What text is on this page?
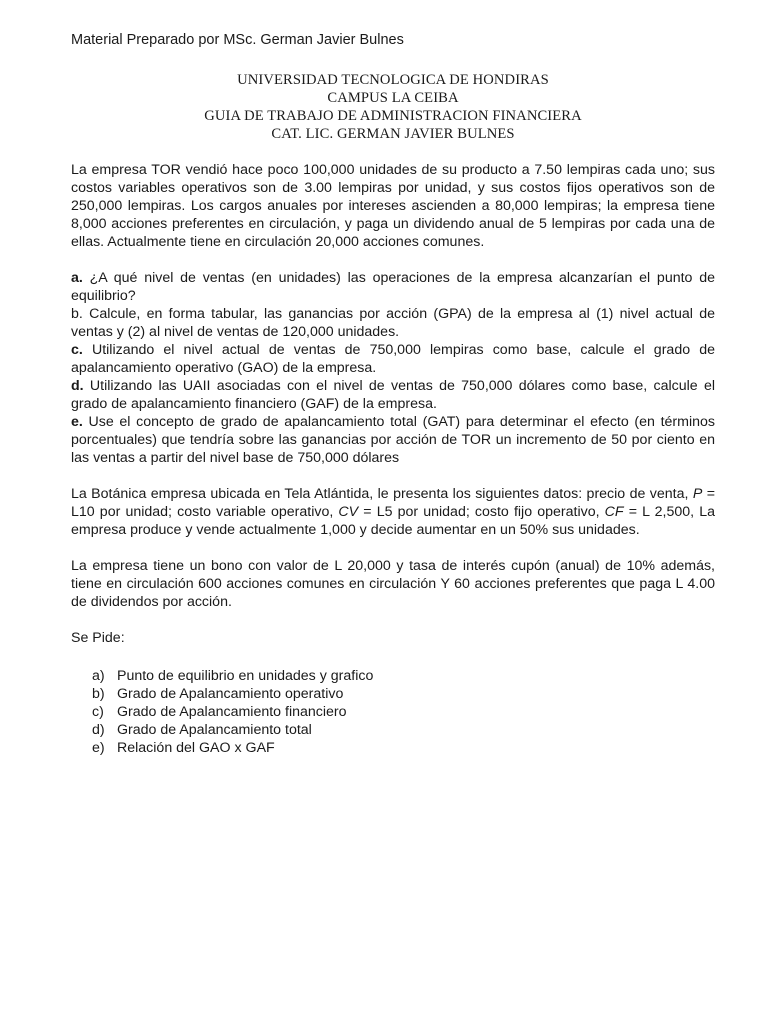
Material Preparado por MSc. German Javier Bulnes

UNIVERSIDAD TECNOLOGICA DE HONDIRAS
CAMPUS LA CEIBA
GUIA DE TRABAJO DE ADMINISTRACION FINANCIERA
CAT. LIC. GERMAN JAVIER BULNES

La empresa TOR vendió hace poco 100,000 unidades de su producto a 7.50 lempiras cada uno; sus costos variables operativos son de 3.00 lempiras por unidad, y sus costos fijos operativos son de 250,000 lempiras. Los cargos anuales por intereses ascienden a 80,000 lempiras; la empresa tiene 8,000 acciones preferentes en circulación, y paga un dividendo anual de 5 lempiras por cada una de ellas. Actualmente tiene en circulación 20,000 acciones comunes.

a. ¿A qué nivel de ventas (en unidades) las operaciones de la empresa alcanzarían el punto de equilibrio?

b. Calcule, en forma tabular, las ganancias por acción (GPA) de la empresa al (1) nivel actual de ventas y (2) al nivel de ventas de 120,000 unidades.

c. Utilizando el nivel actual de ventas de 750,000 lempiras como base, calcule el grado de apalancamiento operativo (GAO) de la empresa.

d. Utilizando las UAII asociadas con el nivel de ventas de 750,000 dólares como base, calcule el grado de apalancamiento financiero (GAF) de la empresa.

e. Use el concepto de grado de apalancamiento total (GAT) para determinar el efecto (en términos porcentuales) que tendría sobre las ganancias por acción de TOR un incremento de 50 por ciento en las ventas a partir del nivel base de 750,000 dólares

La Botánica empresa ubicada en Tela Atlántida, le presenta los siguientes datos: precio de venta, P = L10 por unidad; costo variable operativo, CV = L5 por unidad; costo fijo operativo, CF = L 2,500, La empresa produce y vende actualmente 1,000 y decide aumentar en un 50% sus unidades.

La empresa tiene un bono con valor de L 20,000 y tasa de interés cupón (anual) de 10% además, tiene en circulación 600 acciones comunes en circulación Y 60 acciones preferentes que paga L 4.00 de dividendos por acción.

Se Pide:

a) Punto de equilibrio en unidades y grafico
b) Grado de Apalancamiento operativo
c) Grado de Apalancamiento financiero
d) Grado de Apalancamiento total
e) Relación del GAO x GAF
